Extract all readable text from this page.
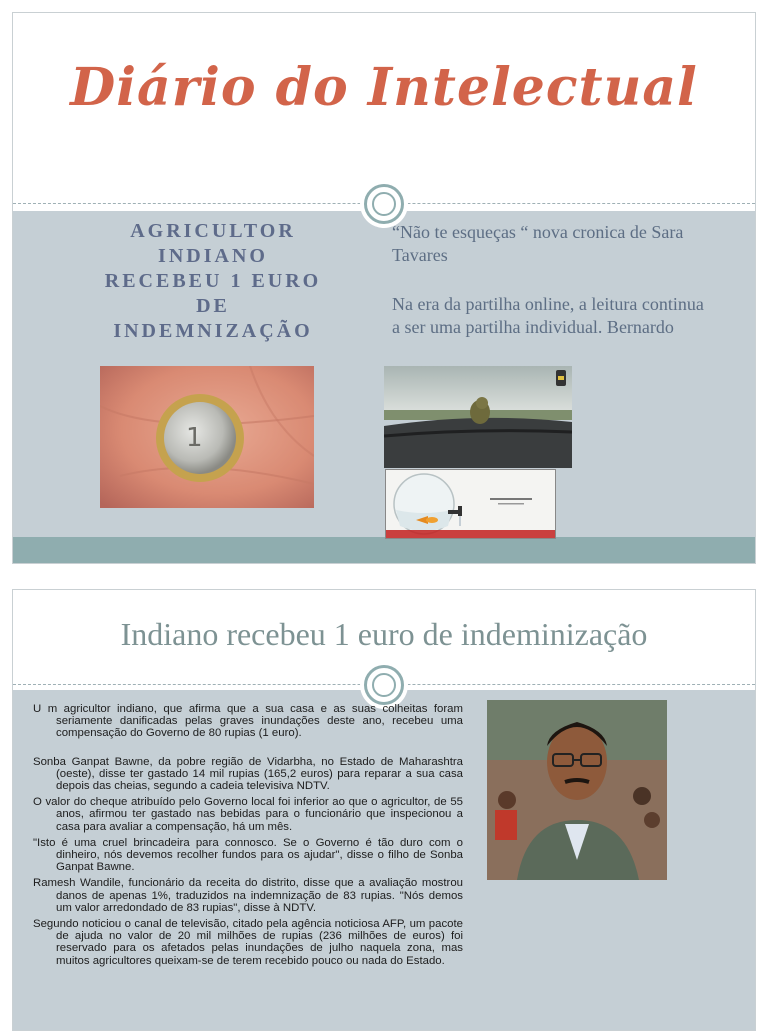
Diário do Intelectual
AGRICULTOR
INDIANO
RECEBEU 1 EURO
DE
INDEMNIZAÇÃO
“Não te esqueças “ nova cronica de Sara Tavares
Na era da partilha online, a leitura continua a ser uma partilha individual. Bernardo
1
Indiano recebeu 1 euro de indeminização

U m agricultor indiano, que afirma que a sua casa e as suas colheitas foram seriamente danificadas pelas graves inundações deste ano, recebeu uma compensação do Governo de 80 rupias (1 euro).

Sonba Ganpat Bawne, da pobre região de Vidarbha, no Estado de Maharashtra (oeste), disse ter gastado 14 mil rupias (165,2 euros) para reparar a sua casa depois das cheias, segundo a cadeia televisiva NDTV.

O valor do cheque atribuído pelo Governo local foi inferior ao que o agricultor, de 55 anos, afirmou ter gastado nas bebidas para o funcionário que inspecionou a casa para avaliar a compensação, há um mês.

"Isto é uma cruel brincadeira para connosco. Se o Governo é tão duro com o dinheiro, nós devemos recolher fundos para os ajudar", disse o filho de Sonba Ganpat Bawne.

Ramesh Wandile, funcionário da receita do distrito, disse que a avaliação mostrou danos de apenas 1%, traduzidos na indemnização de 83 rupias. "Nós demos um valor arredondado de 83 rupias", disse à NDTV.

Segundo noticiou o canal de televisão, citado pela agência noticiosa AFP, um pacote de ajuda no valor de 20 mil milhões de rupias (236 milhões de euros) foi reservado para os afetados pelas inundações de julho naquela zona, mas muitos agricultores queixam-se de terem recebido pouco ou nada do Estado.
